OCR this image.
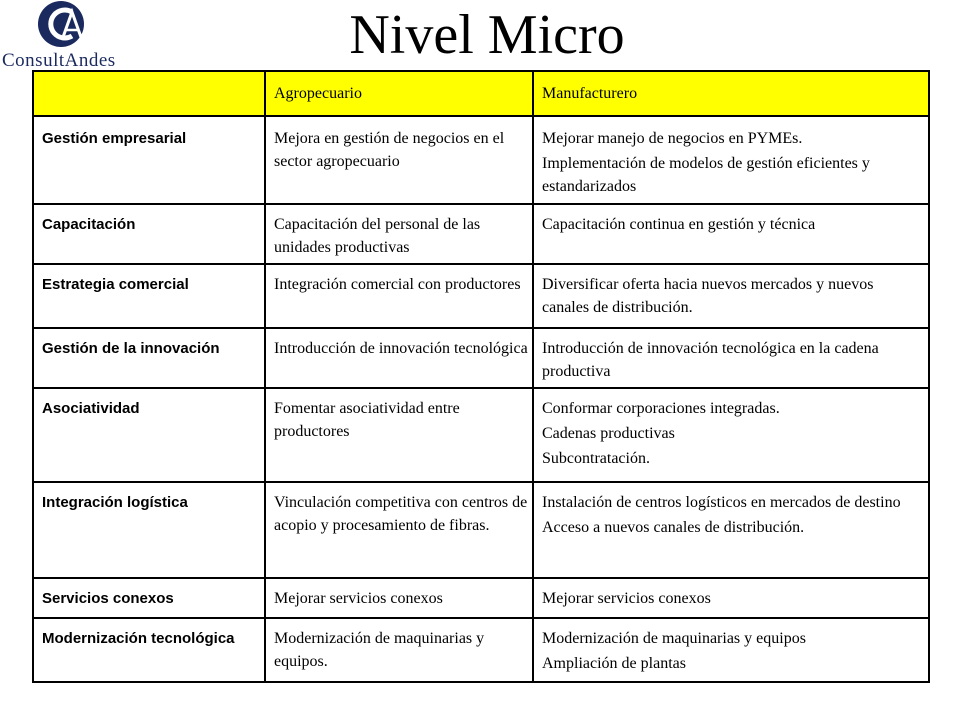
ConsultAndes	Nivel Micro
	Agropecuario	Manufacturero
Gestión empresarial	Mejora en gestión de negocios en el sector agropecuario	Mejorar manejo de negocios en PYMEs.
Implementación de modelos de gestión eficientes y estandarizados

Capacitación	Capacitación del personal de las unidades productivas	Capacitación continua en gestión y técnica

Estrategia comercial	Integración comercial con productores	Diversificar oferta hacia nuevos mercados y nuevos canales de distribución.

Gestión de la innovación	Introducción de innovación tecnológica	Introducción de innovación tecnológica en la cadena productiva

Asociatividad	Fomentar asociatividad entre productores	Conformar corporaciones integradas.
Cadenas productivas
Subcontratación.

Integración logística	Vinculación competitiva con centros de acopio y procesamiento de fibras.	Instalación de centros logísticos en mercados de destino
Acceso a nuevos canales de distribución.

Servicios conexos	Mejorar servicios conexos	Mejorar servicios conexos

Modernización tecnológica	Modernización de maquinarias y equipos.	Modernización de maquinarias y equipos
Ampliación de plantas
